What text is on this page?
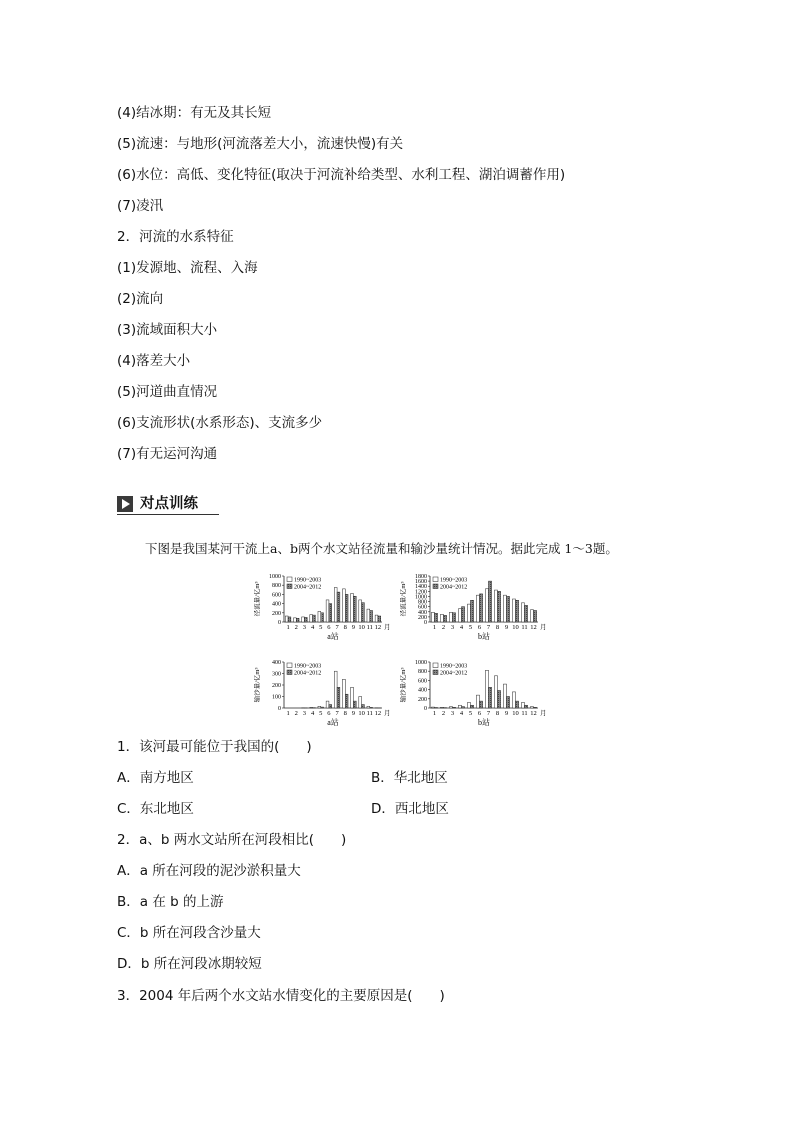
(4)结冰期：有无及其长短
(5)流速：与地形(河流落差大小，流速快慢)有关
(6)水位：高低、变化特征(取决于河流补给类型、水利工程、湖泊调蓄作用)
(7)凌汛
2．河流的水系特征
(1)发源地、流程、入海
(2)流向
(3)流域面积大小
(4)落差大小
(5)河道曲直情况
(6)支流形状(水系形态)、支流多少
(7)有无运河沟通
对点训练
下图是我国某河干流上a、b两个水文站径流量和输沙量统计情况。据此完成 1～3题。
径流量/亿m³
0
200
400
600
800
1000
1 2 3 4 5 6 7 8 9 10 11 12 月
a站
1990~2003
2004~2012	径流量/亿m³
0
200
400
600
800
1000
1200
1400
1600
1800
1 2 3 4 5 6 7 8 9 10 11 12 月
b站
1990~2003
2004~2012
输沙量/亿m³
0
100
200
300
400
1 2 3 4 5 6 7 8 9 10 11 12 月
a站
1990~2003
2004~2012	输沙量/亿m³
0
200
400
600
800
1000
1 2 3 4 5 6 7 8 9 10 11 12 月
b站
1990~2003
2004~2012
1．该河最可能位于我国的(　　)
A．南方地区	B．华北地区
C．东北地区	D．西北地区
2．a、b 两水文站所在河段相比(　　)
A．a 所在河段的泥沙淤积量大
B．a 在 b 的上游
C．b 所在河段含沙量大
D．b 所在河段冰期较短
3．2004 年后两个水文站水情变化的主要原因是(　　)
